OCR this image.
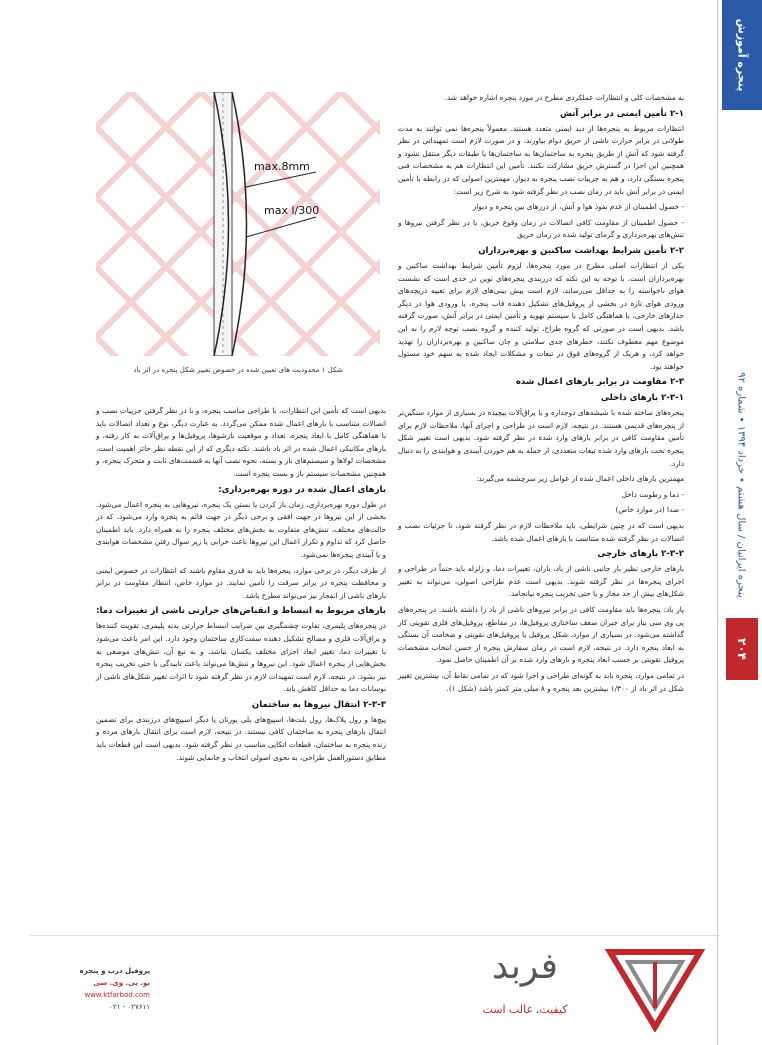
پنجره آموزش
پنجره ایرانیان / سال هشتم • خرداد ۱۳۹۴ • شماره ۹۲
۲۰۴

به مشخصات کلی و انتظارات عملکردی مطرح در مورد پنجره اشاره خواهد شد.

۲-۱ تأمین ایمنی در برابر آتش

انتظارات مربوط به پنجره‌ها از دید ایمنی متعدد هستند. معمولاً پنجره‌ها نمی توانند به مدت طولانی در برابر حرارت ناشی از حریق دوام بیاورند، و در صورت لازم است تمهیداتی در نظر گرفته شود که آتش از طریق پنجره به ساختمان‌ها به ساختمان‌ها یا طبقات دیگر منتقل نشود و همچنین این اجزا در گسترش حریق مشارکت نکنند. تأمین این انتظارات هم به مشخصات فنی پنجره بستگی دارد، و هم به جزییات نصب پنجره به دیوار. مهمترین اصولی که در رابطه با تأمین ایمنی در برابر آتش باید در زمان نصب در نظر گرفته شود به شرح زیر است:

- حصول اطمینان از عدم نفوذ هوا و آتش، از درزهای بین پنجره و دیوار

- حصول اطمینان از مقاومت کافی اتصالات در زمان وقوع حریق، با در نظر گرفتن نیروها و تنش‌های بهره‌برداری و گرمای تولید شده در زمان حریق

۲-۲ تأمین شرایط بهداشت ساکنین و بهره‌برداران

یکی از انتظارات اصلی مطرح در مورد پنجره‌ها، لزوم تأمین شرایط بهداشت ساکنین و بهره‌برداران است. با توجه به این نکته که درزبندی پنجره‌های نوین در حدی است که نشست هوای ناخواسته را به حداقل می‌رساند، لازم است پیش بینی‌های لازم برای تعبیه دریچه‌های ورودی هوای تازه در بخشی از پروفیل‌های تشکیل دهنده قاب پنجره، یا ورودی هوا در دیگر جدارهای خارجی، با هماهنگی کامل با سیستم تهویه و تأمین ایمنی در برابر آتش، صورت گرفته باشد. بدیهی است در صورتی که گروه طراح، تولید کننده و گروه نصب توجه لازم را به این موضوع مهم معطوف نکنند، خطرهای جدی سلامتی و جان ساکنین و بهره‌برداران را تهدید خواهد کرد، و هریک از گروه‌های فوق در تبعات و مشکلات ایجاد شده به سهم خود مسئول خواهند بود.

۲-۳ مقاومت در برابر بارهای اعمال شده
۲-۳-۱ بارهای داخلی

پنجره‌های ساخته شده با شیشه‌های دوجداره و یا یراق‌آلات پیچیده در بسیاری از موارد سنگین‌تر از پنجره‌های قدیمی هستند. در نتیجه، لازم است در طراحی و اجرای آنها، ملاحظات لازم برای تأمین مقاومت کافی در برابر بارهای وارد شده در نظر گرفته شود. بدیهی است تغییر شکل پنجره تحت بارهای وارد شده تبعات متعددی، از جمله به هم خوردن آببندی و هوابندی را به دنبال دارد.

مهمترین بارهای داخلی اعمال شده از عوامل زیر سرچشمه می‌گیرند:

- دما و رطوبت داخل

- صدا (در موارد خاص)

بدیهی است که در چنین شرایطی، باید ملاحظات لازم در نظر گرفته شود، تا جزئیات نصب و اتصالات در نظر گرفته شده متناسب با بارهای اعمال شده باشد.

۲-۳-۲ بارهای خارجی

بارهای خارجی نظیر بار جانبی ناشی از باد، باران، تغییرات دما، و زلزله باید حتماً در طراحی و اجرای پنجره‌ها در نظر گرفته شوند. بدیهی است عدم طراحی اصولی، می‌تواند به تغییر شکل‌های بیش از حد مجاز و یا حتی تخریب پنجره بیانجامد.

پار باد: پنجره‌ها باید مقاومت کافی در برابر نیروهای ناشی از باد را داشته باشند. در پنجره‌های پی وی سی نیاز برای جبران ضعف ساختاری پروفیل‌ها، در مقاطع، پروفیل‌های فلزی تقویتی کار گذاشته می‌شود. در بسیاری از موارد، شکل پروفیل یا پروفیل‌های تقویتی و ضخامت آن بستگی به ابعاد پنجره دارد. در نتیجه، لازم است در زمان سفارش پنجره از حسن انتخاب مشخصات پروفیل تقویتی بر حسب ابعاد پنجره و بارهای وارد شده بر آن اطمینان حاصل نمود.

در تمامی موارد، پنجره باید به گونه‌ای طراحی و اجرا شود که در تمامی نقاط آن، بیشترین تغییر شکل در اثر باد از ۱/۳۰۰ بیشترین بعد پنجره و ۸ میلی متر کمتر باشد (شکل ۱).

max.8mm
max l/300
شکل ۱ محدودیت های تعیین شده در خصوص تغییر شکل پنجره در اثر باد

بدیهی است که تأمین این انتظارات، با طراحی مناسب پنجره، و با در نظر گرفتن جزییات نصب و اتصالات متناسب با بارهای اعمال شده ممکن می‌گردد. به عبارت دیگر، نوع و تعداد اتصالات باید با هماهنگی کامل با ابعاد پنجره، تعداد و موقعیت بازشوها، پروفیل‌ها و یراق‌آلات به کار رفته، و بارهای مکانیکی اعمال شده در اثر باد باشند. نکته دیگری که از این نقطه نظر حائز اهمیت است، مشخصات لولاها و سیستم‌های باز و بسته، نحوه نصب آنها به قسمت‌های ثابت و متحرک پنجره، و همچنین مشخصات سیستم باز و بست پنجره است.

بارهای اعمال شده در دوره بهره‌برداری:

در طول دوره بهره‌برداری، زمان باز کردن یا بستن یک پنجره، نیروهایی به پنجره اعمال می‌شود. بخشی از این نیروها در جهت افقی و برخی دیگر در جهت قائم به پنجره وارد می‌شود، که در حالت‌های مختلف، تنش‌های متفاوت به بخش‌های مختلف پنجره را به همراه دارد. باید اطمینان حاصل کرد که تداوم و تکرار اعمال این نیروها باعث خرابی یا زیر سوال رفتن مشخصات هوابندی و یا آببندی پنجره‌ها نمی‌شود.

از طرف دیگر، در برخی موارد، پنجره‌ها باید به قدری مقاوم باشند که انتظارات در خصوص ایمنی و محافظت پنجره در برابر سرقت را تأمین نمایند. در موارد خاص، انتظار مقاومت در برابر بارهای ناشی از انفجار نیز می‌تواند مطرح باشد.

بارهای مربوط به انبساط و انقباض‌های حرارتی ناشی از تغییرات دما:

در پنجره‌های پلیمری، تفاوت چشمگیری بین ضرایب انبساط حرارتی بدنه پلیمری، تقویت کننده‌ها و یراق‌آلات فلزی و مصالح تشکیل دهنده سفت‌کاری ساختمان وجود دارد. این امر باعث می‌شود با تغییرات دما، تغییر ابعاد اجزای مختلف یکسان نباشد، و به تبع آن، تنش‌های موضعی به بخش‌هایی از پنجره اعمال شود. این نیروها و تنش‌ها می‌تواند باعث تابیدگی یا حتی تخریب پنجره نیز بشود. در نتیجه، لازم است تمهیدات لازم در نظر گرفته شود تا اثرات تغییر شکل‌های ناشی از نوسانات دما به حداقل کاهش یابد.

۲-۳-۳ انتقال نیروها به ساختمان

پیچ‌ها و رول پلاک‌ها، رول بلت‌ها، اسپیچ‌های پلی یورتان یا دیگر اسپیچ‌های درزبندی برای تضمین انتقال بارهای پنجره به ساختمان کافی نیستند. در نتیجه، لازم است برای انتقال بارهای مرده و زنده پنجره به ساختمان، قطعات اتکایی مناسب در نظر گرفته شود. بدیهی است این قطعات باید مطابق دستورالعمل طراحی، به نحوی اصولی انتخاب و جانمایی شوند.

فربد
کیفیت، غالب است
پروفیل درب و پنجره
یو. پی. وی. سی
www.ktfarbod.com
۰۲۱ - ۰۲۷۶۱۱
